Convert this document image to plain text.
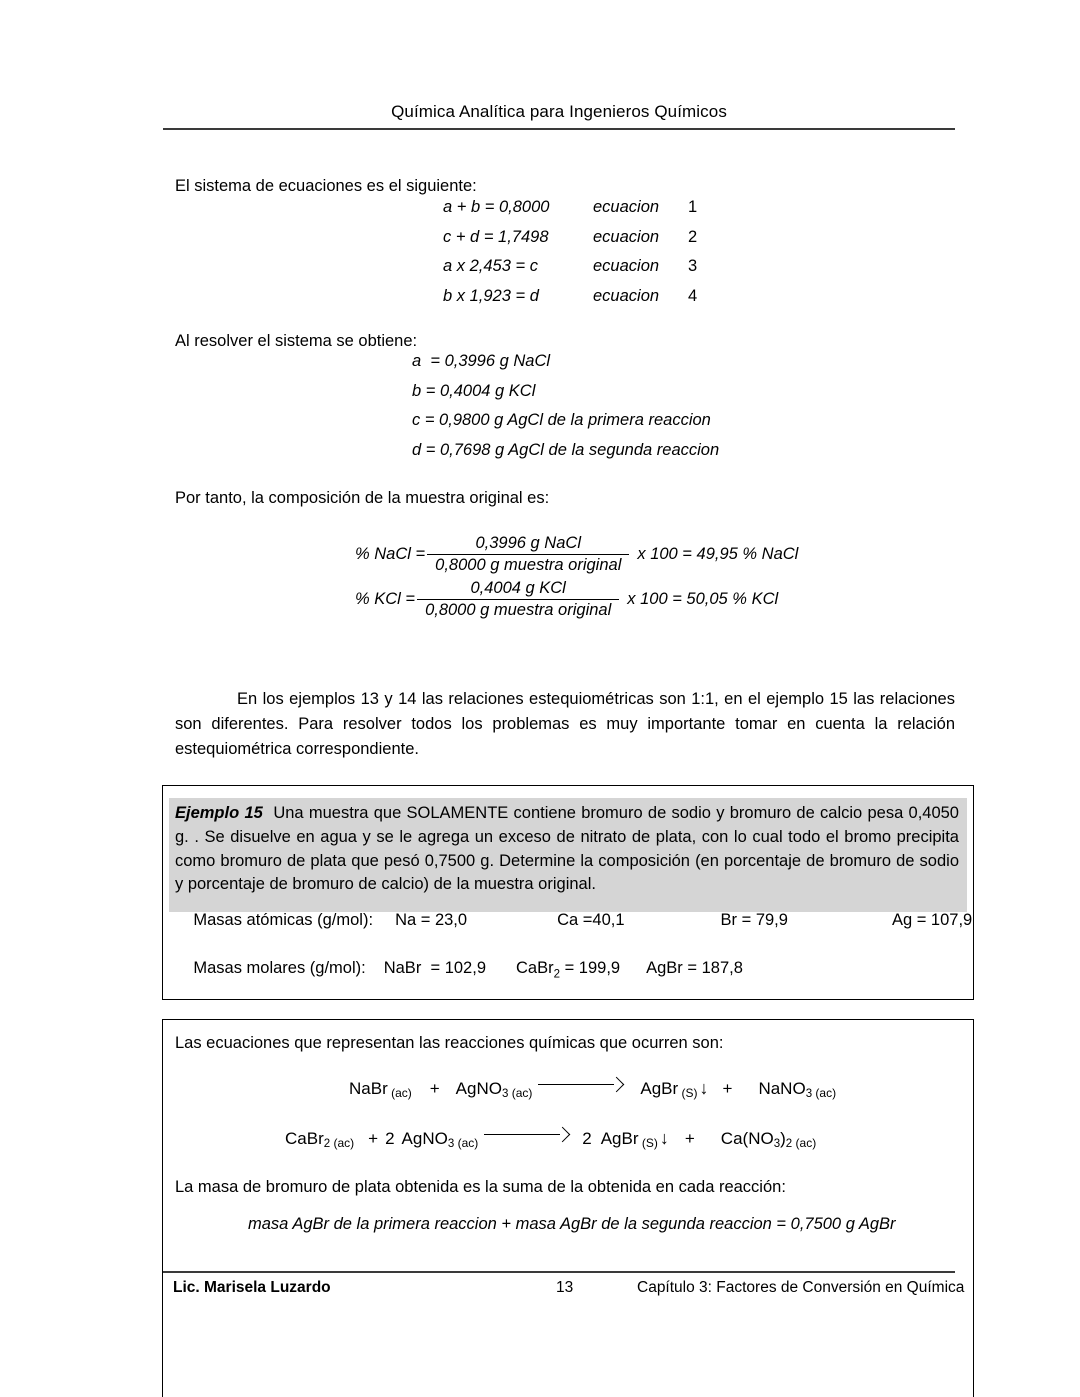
Química Analítica para Ingenieros Químicos
El sistema de ecuaciones es el siguiente:
a + b = 0,8000	ecuacion	1
c + d = 1,7498	ecuacion	2
a x 2,453 = c	ecuacion	3
b x 1,923 = d	ecuacion	4
Al resolver el sistema se obtiene:
a  = 0,3996 g NaCl
b = 0,4004 g KCl
c = 0,9800 g AgCl de la primera reaccion
d = 0,7698 g AgCl de la segunda reaccion
Por tanto, la composición de la muestra original es:
% NaCl = $\frac{\text{0,3996 g NaCl}}{\text{0,8000 g muestra original}}$ x 100 = 49,95 % NaCl
% KCl = $\frac{\text{0,4004 g KCl}}{\text{0,8000 g muestra original}}$ x 100 = 50,05 % KCl
En los ejemplos 13 y 14 las relaciones estequiométricas son 1:1, en el ejemplo 15 las relaciones son diferentes. Para resolver todos los problemas es muy importante tomar en cuenta la relación estequiométrica correspondiente.
Ejemplo 15 Una muestra que SOLAMENTE contiene bromuro de sodio y bromuro de calcio pesa 0,4050 g. . Se disuelve en agua y se le agrega un exceso de nitrato de plata, con lo cual todo el bromo precipita como bromuro de plata que pesó 0,7500 g. Determine la composición (en porcentaje de bromuro de sodio y porcentaje de bromuro de calcio) de la muestra original.

Masas atómicas (g/mol): Na = 23,0	Ca =40,1	Br = 79,9	Ag = 107,9

Masas molares (g/mol): NaBr  = 102,9 CaBr$_2$ = 199,9 AgBr = 187,8

Las ecuaciones que representan las reacciones químicas que ocurren son:
NaBr (ac) + AgNO$_3$ (ac)	AgBr (S) ↓ + NaNO$_3$ (ac)
CaBr$_2$ (ac) + 2 AgNO$_3$ (ac)	2 AgBr (S) ↓ + $Ca(NO_3)_2$ (ac)
La masa de bromuro de plata obtenida es la suma de la obtenida en cada reacción:
masa AgBr de la primera reaccion + masa AgBr de la segunda reaccion = 0,7500 g AgBr
Lic. Marisela Luzardo	13	Capítulo 3: Factores de Conversión en Química
